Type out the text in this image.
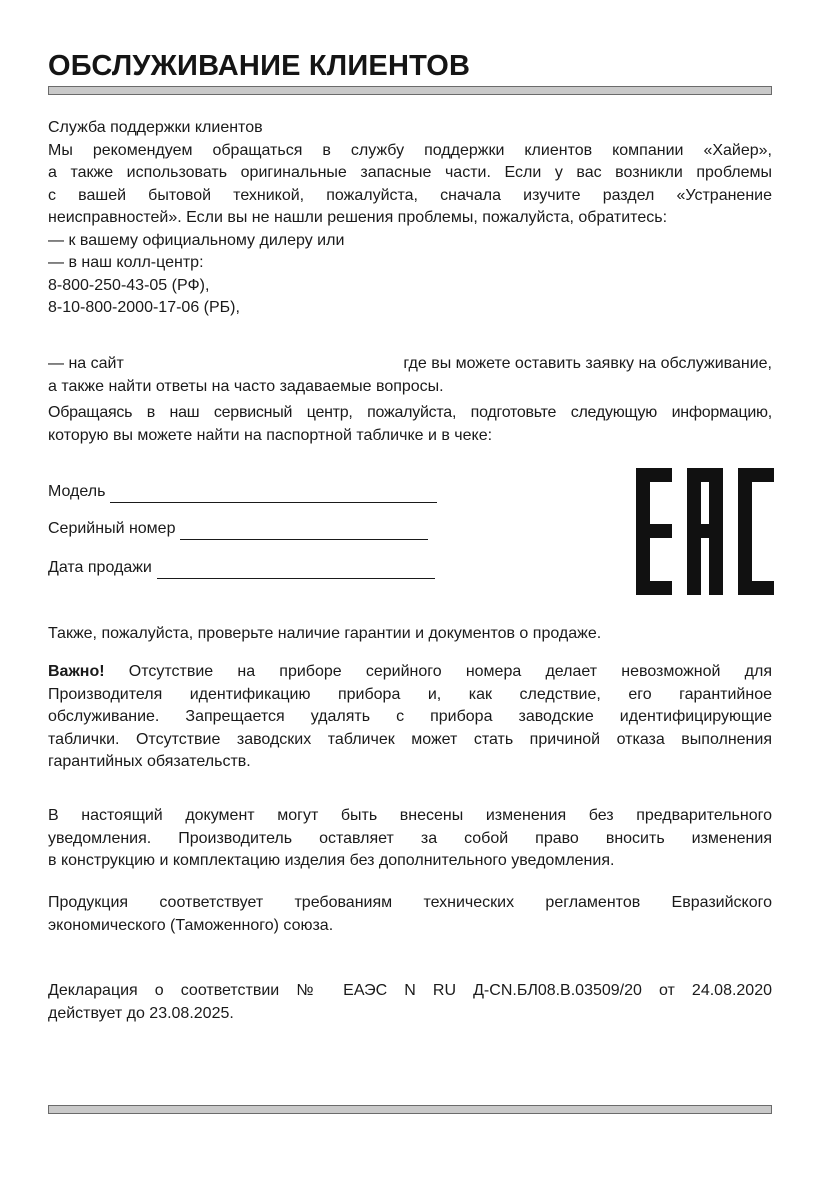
ОБСЛУЖИВАНИЕ КЛИЕНТОВ
Служба поддержки клиентов
Мы рекомендуем обращаться в службу поддержки клиентов компании «Хайер»,
а также использовать оригинальные запасные части. Если у вас возникли проблемы
с вашей бытовой техникой, пожалуйста, сначала изучите раздел «Устранение
неисправностей». Если вы не нашли решения проблемы, пожалуйста, обратитесь:
— к вашему официальному дилеру или
— в наш колл-центр:
8-800-250-43-05 (РФ),
8-10-800-2000-17-06 (РБ),
— на сайт	где вы можете оставить заявку на обслуживание,
а также найти ответы на часто задаваемые вопросы.
Обращаясь в наш сервисный центр, пожалуйста, подготовьте следующую информацию,
которую вы можете найти на паспортной табличке и в чеке:
Модель
Серийный номер
Дата продажи
Также, пожалуйста, проверьте наличие гарантии и документов о продаже.
Важно! Отсутствие на приборе серийного номера делает невозможной для
Производителя идентификацию прибора и, как следствие, его гарантийное
обслуживание. Запрещается удалять с прибора заводские идентифицирующие
таблички. Отсутствие заводских табличек может стать причиной отказа выполнения
гарантийных обязательств.
В настоящий документ могут быть внесены изменения без предварительного
уведомления. Производитель оставляет за собой право вносить изменения
в конструкцию и комплектацию изделия без дополнительного уведомления.
Продукция соответствует требованиям технических регламентов Евразийского
экономического (Таможенного) союза.
Декларация о соответствии № ЕАЭС N RU Д-CN.БЛ08.В.03509/20 от 24.08.2020
действует до 23.08.2025.
